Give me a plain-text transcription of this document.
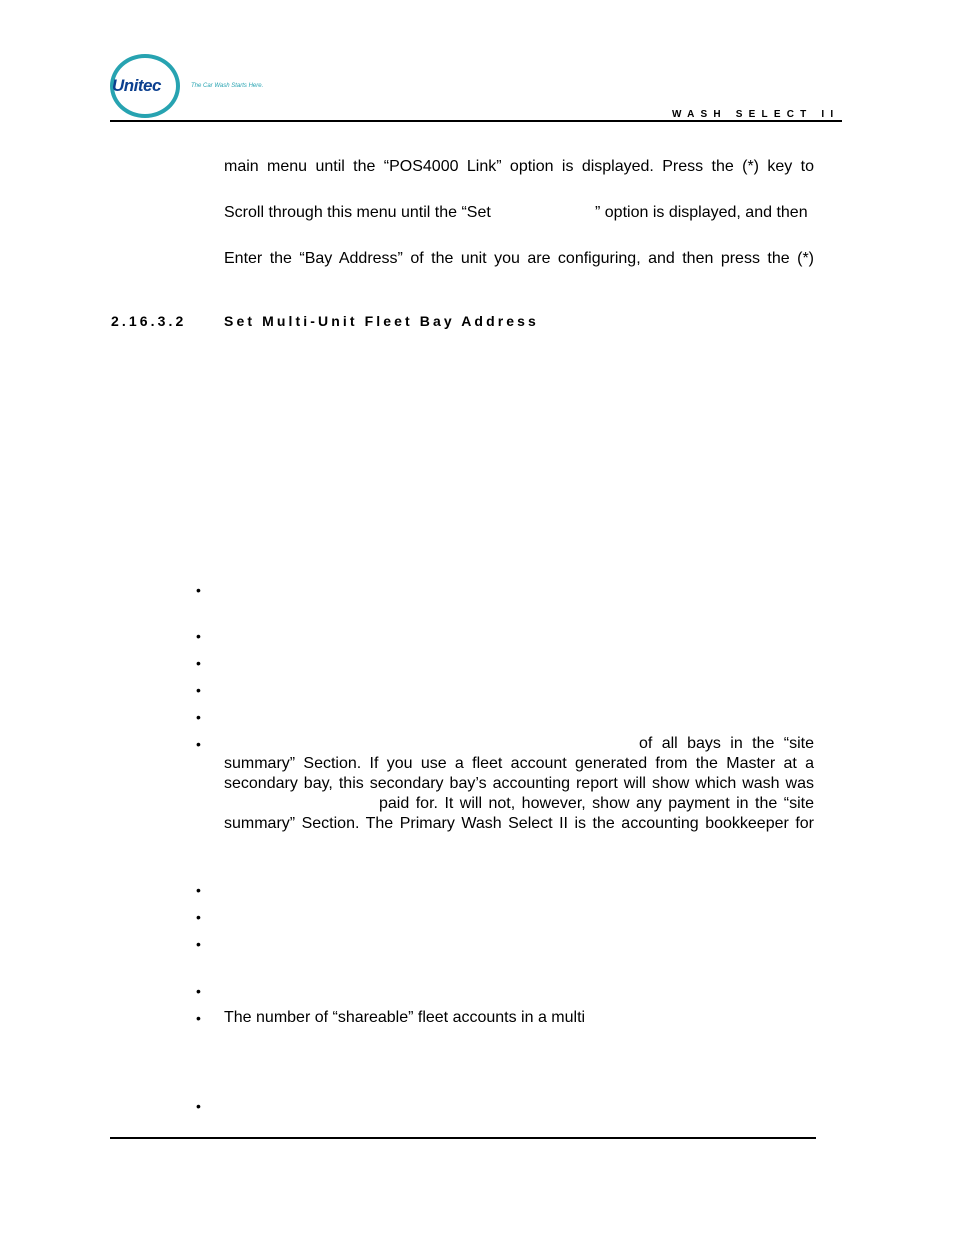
Unitec	The Car Wash Starts Here.
WASH SELECT II
main menu until the “POS4000 Link” option is displayed. Press the (*) key to
Scroll through this menu until the “Set	” option is displayed, and then
Enter the “Bay Address” of the unit you are configuring, and then press the (*)
2.16.3.2	Set Multi-Unit Fleet Bay Address
•
•
•
•
•
•	of all bays in the “site
summary” Section. If you use a fleet account generated from the Master at a
secondary bay, this secondary bay’s accounting report will show which wash was
paid for. It will not, however, show any payment in the “site
summary” Section. The Primary Wash Select II is the accounting bookkeeper for
•
•
•
•
• The number of “shareable” fleet accounts in a multi
•
